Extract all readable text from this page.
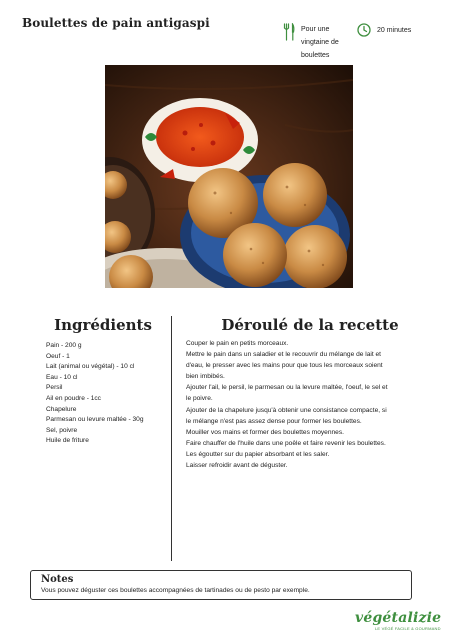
Boulettes de pain antigaspi	Pour une vingtaine de boulettes
20 minutes
Ingrédients
Pain - 200 g
Oeuf - 1
Lait (animal ou végétal) - 10 cl
Eau - 10 cl
Persil
Ail en poudre - 1cc
Chapelure
Parmesan ou levure maltée - 30g
Sel, poivre
Huile de friture
Déroulé de la recette
Couper le pain en petits morceaux.
Mettre le pain dans un saladier et le recouvrir du mélange de lait et
d'eau, le presser avec les mains pour que tous les morceaux soient
bien imbibés.
Ajouter l'ail, le persil, le parmesan ou la levure maltée, l'oeuf, le sel et
le poivre.
Ajouter de la chapelure jusqu'à obtenir une consistance compacte, si
le mélange n'est pas assez dense pour former les boulettes.
Mouiller vos mains et former des boulettes moyennes.
Faire chauffer de l'huile dans une poêle et faire revenir les boulettes.
Les égoutter sur du papier absorbant et les saler.
Laisser refroidir avant de déguster.
Notes
Vous pouvez déguster ces boulettes accompagnées de tartinades ou de pesto par exemple.
végétalizie
LE VÉGÉ FACILE & GOURMAND
